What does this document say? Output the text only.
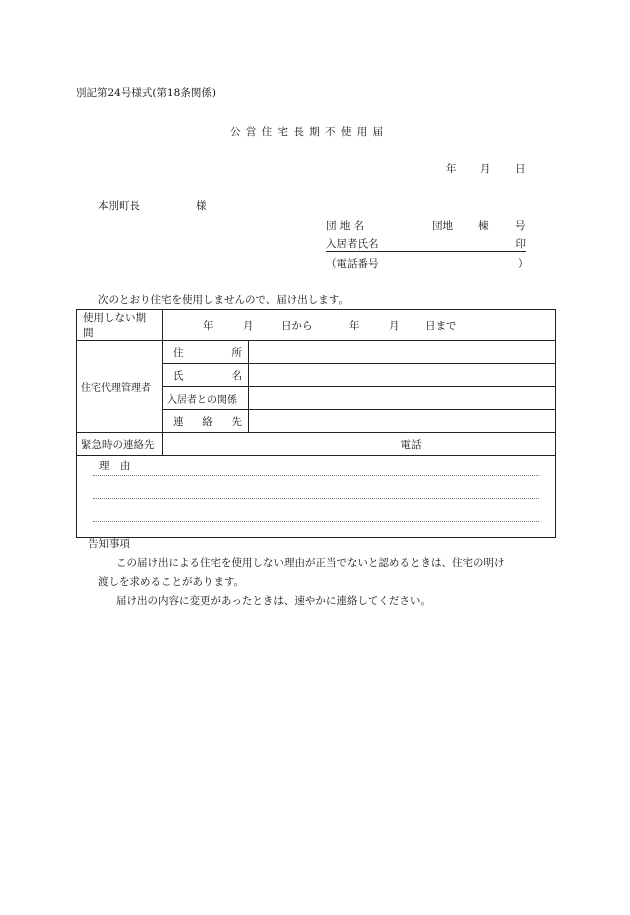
別記第24号様式(第18条関係)
公 営 住 宅 長 期 不 使 用 届
年 月 日
本別町長	様
団 地 名	団地 棟	号
入居者氏名	印
（電話番号	）
次のとおり住宅を使用しませんので、届け出します。
使用しない期間	年 月 日から 年 月 日まで	
住宅代理管理者	住 所	

	氏 名	

	入居者との関係	

	連 絡 先	

緊急時の連絡先	電話	

理　由		
告知事項
この届け出による住宅を使用しない理由が正当でないと認めるときは、住宅の明け
渡しを求めることがあります。
届け出の内容に変更があったときは、速やかに連絡してください。
